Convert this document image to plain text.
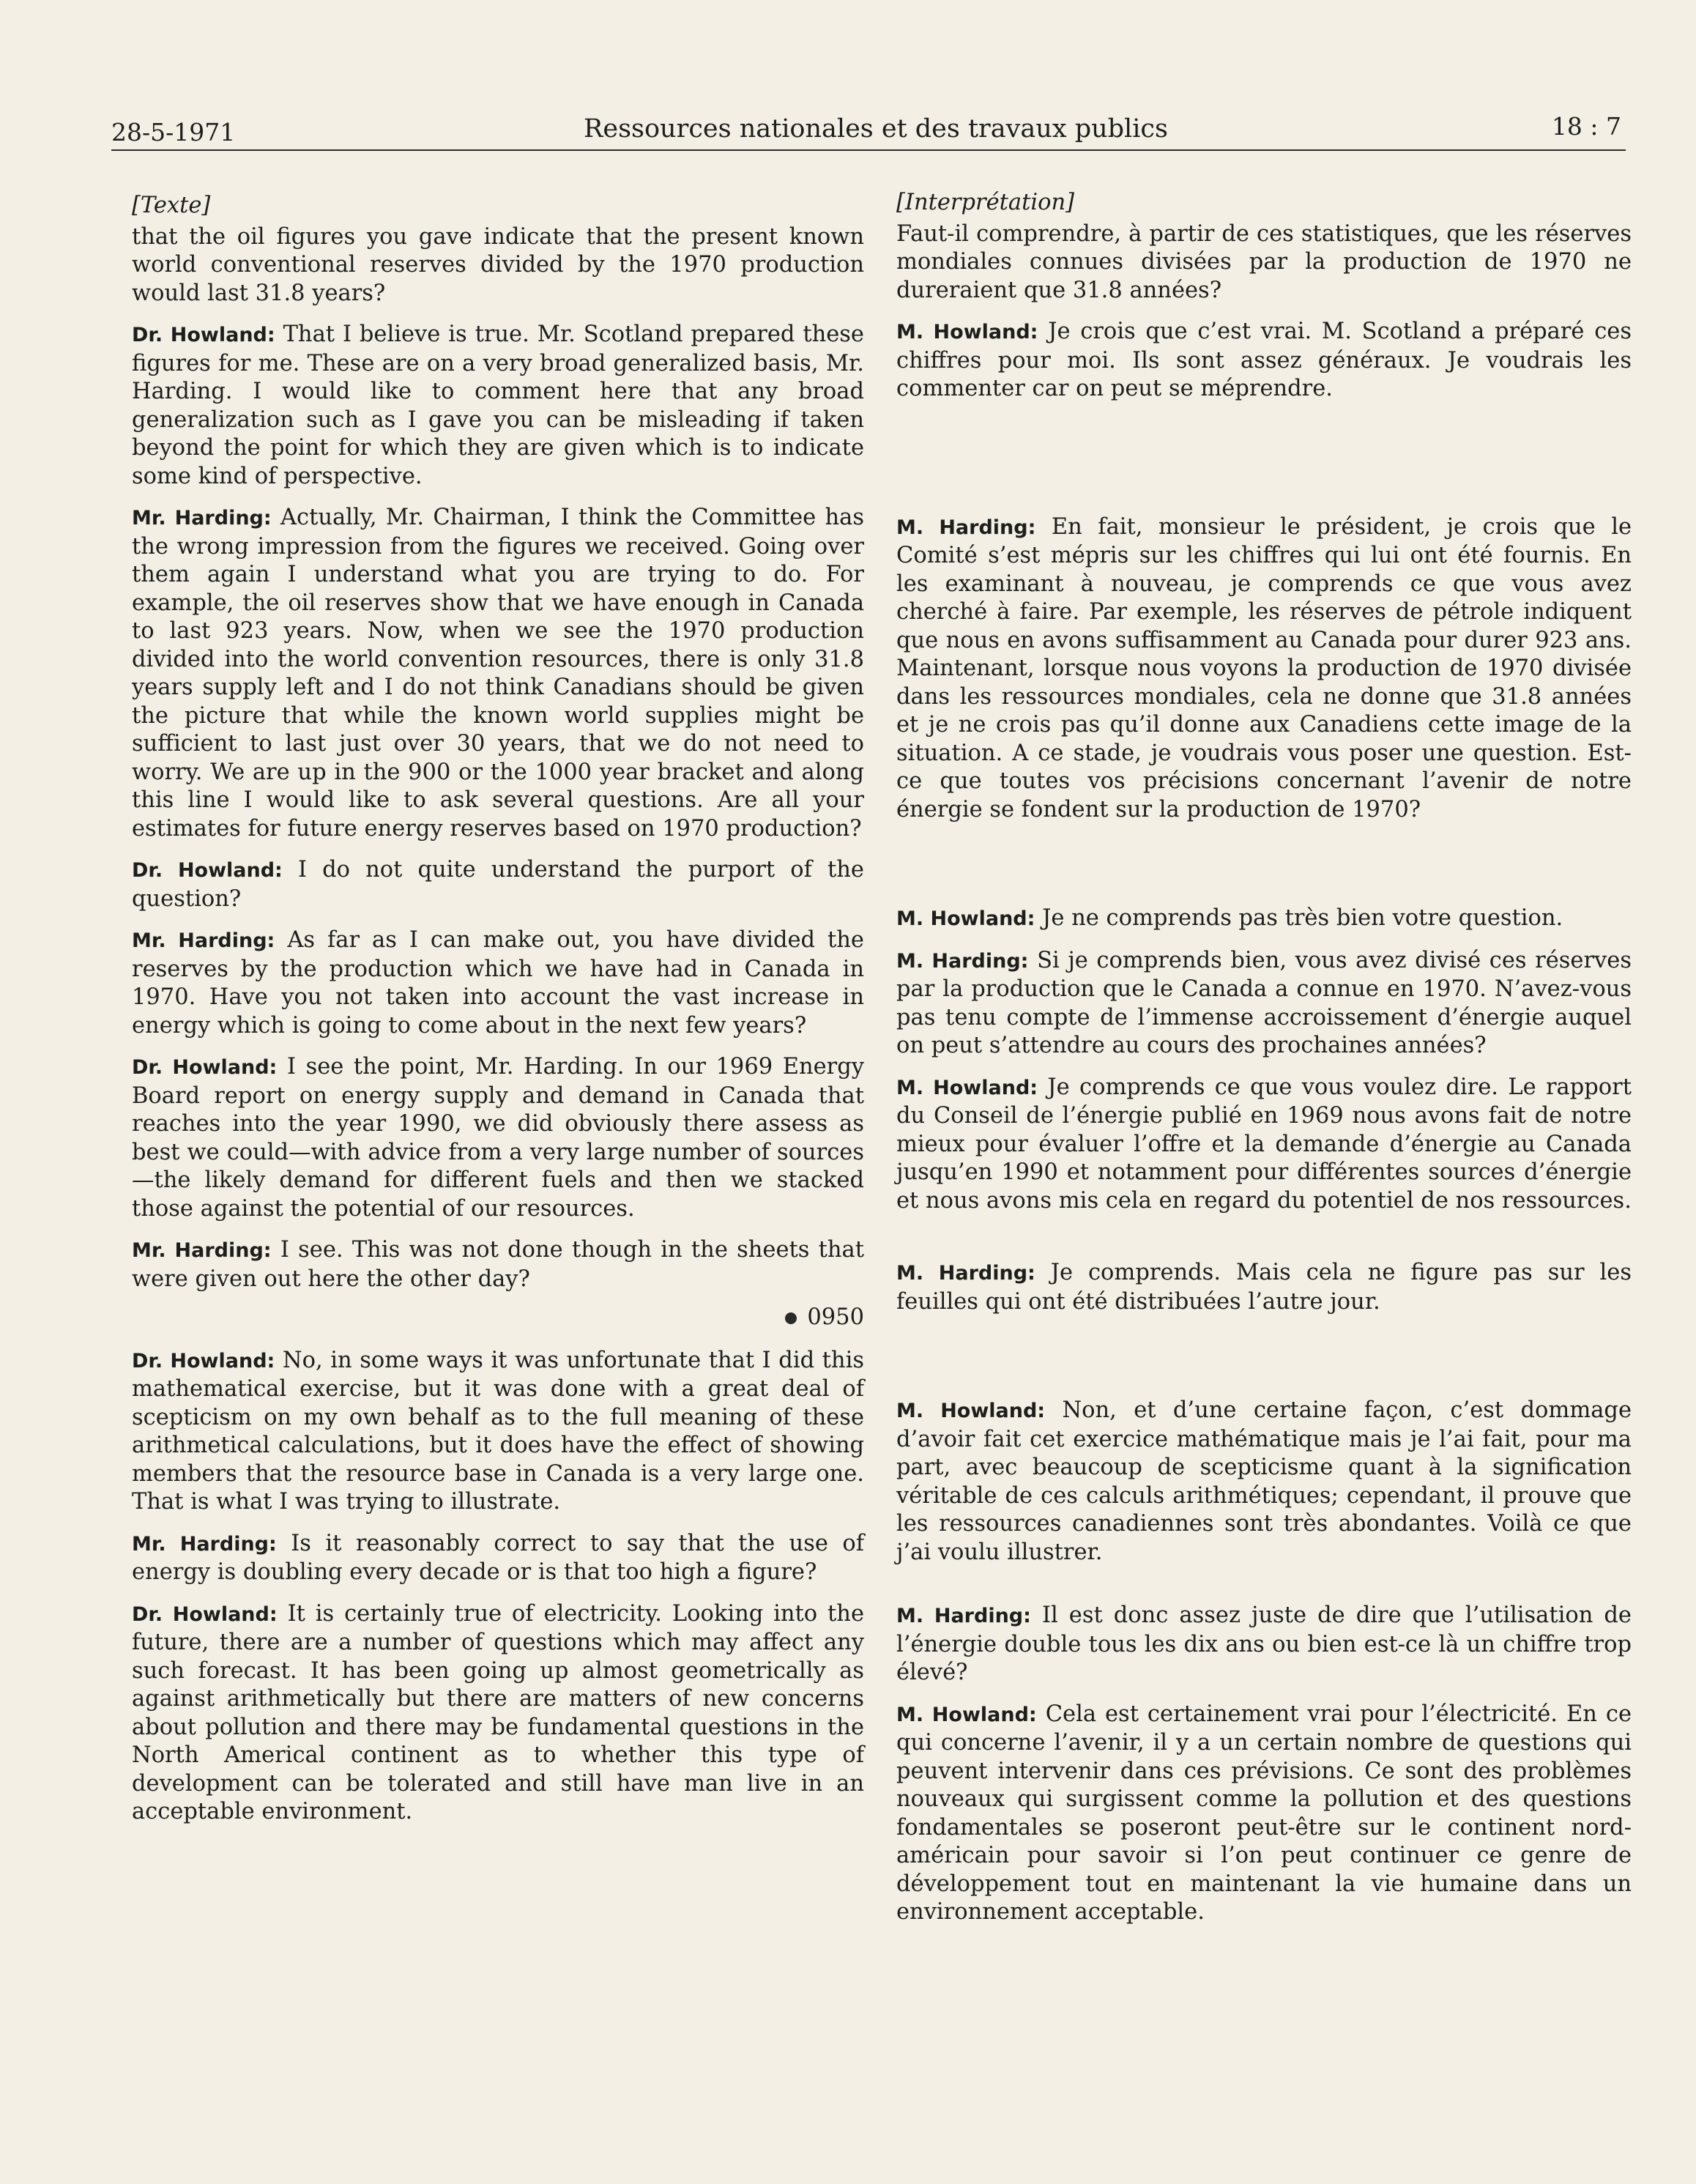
28-5-1971	Ressources nationales et des travaux publics	18 : 7

[Texte]

that the oil figures you gave indicate that the present known world conventional reserves divided by the 1970 production would last 31.8 years?

Dr. Howland: That I believe is true. Mr. Scotland prepared these figures for me. These are on a very broad generalized basis, Mr. Harding. I would like to comment here that any broad generalization such as I gave you can be misleading if taken beyond the point for which they are given which is to indicate some kind of perspective.

Mr. Harding: Actually, Mr. Chairman, I think the Committee has the wrong impression from the figures we received. Going over them again I understand what you are trying to do. For example, the oil reserves show that we have enough in Canada to last 923 years. Now, when we see the 1970 production divided into the world convention resources, there is only 31.8 years supply left and I do not think Canadians should be given the picture that while the known world supplies might be sufficient to last just over 30 years, that we do not need to worry. We are up in the 900 or the 1000 year bracket and along this line I would like to ask several questions. Are all your estimates for future energy reserves based on 1970 production?

Dr. Howland: I do not quite understand the purport of the question?

Mr. Harding: As far as I can make out, you have divided the reserves by the production which we have had in Canada in 1970. Have you not taken into account the vast increase in energy which is going to come about in the next few years?

Dr. Howland: I see the point, Mr. Harding. In our 1969 Energy Board report on energy supply and demand in Canada that reaches into the year 1990, we did obviously there assess as best we could—with advice from a very large number of sources—the likely demand for different fuels and then we stacked those against the potential of our resources.

Mr. Harding: I see. This was not done though in the sheets that were given out here the other day?

0950

Dr. Howland: No, in some ways it was unfortunate that I did this mathematical exercise, but it was done with a great deal of scepticism on my own behalf as to the full meaning of these arithmetical calculations, but it does have the effect of showing members that the resource base in Canada is a very large one. That is what I was trying to illustrate.

Mr. Harding: Is it reasonably correct to say that the use of energy is doubling every decade or is that too high a figure?

Dr. Howland: It is certainly true of electricity. Looking into the future, there are a number of questions which may affect any such forecast. It has been going up almost geometrically as against arithmetically but there are matters of new concerns about pollution and there may be fundamental questions in the North Americal continent as to whether this type of development can be tolerated and still have man live in an acceptable environment.

[Interprétation]

Faut-il comprendre, à partir de ces statistiques, que les réserves mondiales connues divisées par la production de 1970 ne dureraient que 31.8 années?

M. Howland: Je crois que c’est vrai. M. Scotland a préparé ces chiffres pour moi. Ils sont assez généraux. Je voudrais les commenter car on peut se méprendre.

M. Harding: En fait, monsieur le président, je crois que le Comité s’est mépris sur les chiffres qui lui ont été fournis. En les examinant à nouveau, je comprends ce que vous avez cherché à faire. Par exemple, les réserves de pétrole indiquent que nous en avons suffisamment au Canada pour durer 923 ans. Maintenant, lorsque nous voyons la production de 1970 divisée dans les ressources mondiales, cela ne donne que 31.8 années et je ne crois pas qu’il donne aux Canadiens cette image de la situation. A ce stade, je voudrais vous poser une question. Est-ce que toutes vos précisions concernant l’avenir de notre énergie se fondent sur la production de 1970?

M. Howland: Je ne comprends pas très bien votre question.

M. Harding: Si je comprends bien, vous avez divisé ces réserves par la production que le Canada a connue en 1970. N’avez-vous pas tenu compte de l’immense accroissement d’énergie auquel on peut s’attendre au cours des prochaines années?

M. Howland: Je comprends ce que vous voulez dire. Le rapport du Conseil de l’énergie publié en 1969 nous avons fait de notre mieux pour évaluer l’offre et la demande d’énergie au Canada jusqu’en 1990 et notamment pour différentes sources d’énergie et nous avons mis cela en regard du potentiel de nos ressources.

M. Harding: Je comprends. Mais cela ne figure pas sur les feuilles qui ont été distribuées l’autre jour.

M. Howland: Non, et d’une certaine façon, c’est dommage d’avoir fait cet exercice mathématique mais je l’ai fait, pour ma part, avec beaucoup de scepticisme quant à la signification véritable de ces calculs arithmétiques; cependant, il prouve que les ressources canadiennes sont très abondantes. Voilà ce que j’ai voulu illustrer.

M. Harding: Il est donc assez juste de dire que l’utilisation de l’énergie double tous les dix ans ou bien est-ce là un chiffre trop élevé?

M. Howland: Cela est certainement vrai pour l’électricité. En ce qui concerne l’avenir, il y a un certain nombre de questions qui peuvent intervenir dans ces prévisions. Ce sont des problèmes nouveaux qui surgissent comme la pollution et des questions fondamentales se poseront peut-être sur le continent nord-américain pour savoir si l’on peut continuer ce genre de développement tout en maintenant la vie humaine dans un environnement acceptable.
